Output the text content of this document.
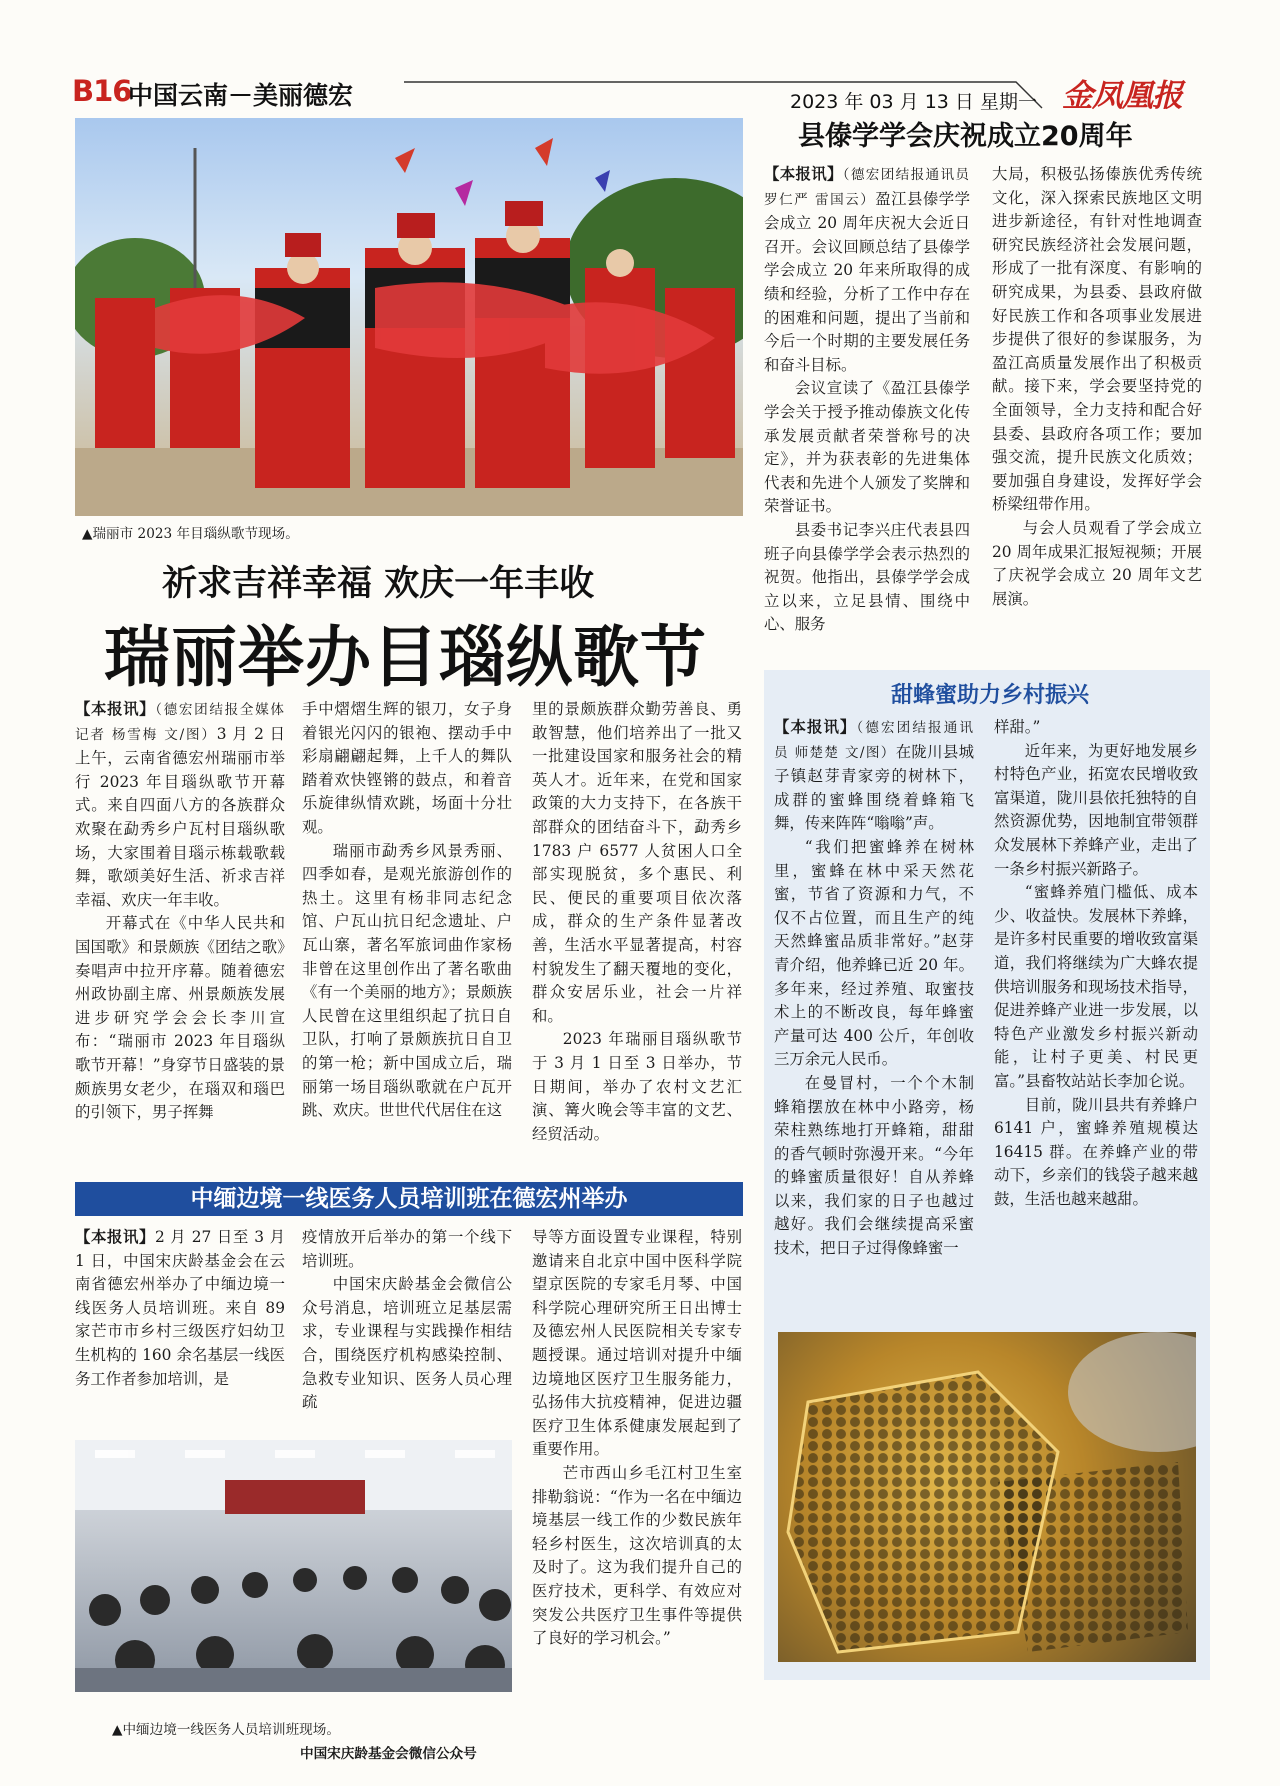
B16
中国云南－美丽德宏	2023 年 03 月 13 日 星期一 金凤凰报
▲瑞丽市 2023 年目瑙纵歌节现场。
祈求吉祥幸福 欢庆一年丰收
瑞丽举办目瑙纵歌节

【本报讯】（德宏团结报全媒体记者 杨雪梅 文/图）3 月 2 日上午，云南省德宏州瑞丽市举行 2023 年目瑙纵歌节开幕式。来自四面八方的各族群众欢聚在勐秀乡户瓦村目瑙纵歌场，大家围着目瑙示栋载歌载舞，歌颂美好生活、祈求吉祥幸福、欢庆一年丰收。

开幕式在《中华人民共和国国歌》和景颇族《团结之歌》奏唱声中拉开序幕。随着德宏州政协副主席、州景颇族发展进步研究学会会长李川宣布：“瑞丽市 2023 年目瑙纵歌节开幕！”身穿节日盛装的景颇族男女老少，在瑙双和瑙巴的引领下，男子挥舞

手中熠熠生辉的银刀，女子身着银光闪闪的银袍、摆动手中彩扇翩翩起舞，上千人的舞队踏着欢快铿锵的鼓点，和着音乐旋律纵情欢跳，场面十分壮观。

瑞丽市勐秀乡风景秀丽、四季如春，是观光旅游创作的热土。这里有杨非同志纪念馆、户瓦山抗日纪念遗址、户瓦山寨，著名军旅词曲作家杨非曾在这里创作出了著名歌曲《有一个美丽的地方》；景颇族人民曾在这里组织起了抗日自卫队，打响了景颇族抗日自卫的第一枪；新中国成立后，瑞丽第一场目瑙纵歌就在户瓦开跳、欢庆。世世代代居住在这

里的景颇族群众勤劳善良、勇敢智慧，他们培养出了一批又一批建设国家和服务社会的精英人才。近年来，在党和国家政策的大力支持下，在各族干部群众的团结奋斗下，勐秀乡 1783 户 6577 人贫困人口全部实现脱贫，多个惠民、利民、便民的重要项目依次落成，群众的生产条件显著改善，生活水平显著提高，村容村貌发生了翻天覆地的变化，群众安居乐业，社会一片祥和。

2023 年瑞丽目瑙纵歌节于 3 月 1 日至 3 日举办，节日期间，举办了农村文艺汇演、篝火晚会等丰富的文艺、经贸活动。

县傣学学会庆祝成立20周年

【本报讯】（德宏团结报通讯员 罗仁严 雷国云）盈江县傣学学会成立 20 周年庆祝大会近日召开。会议回顾总结了县傣学学会成立 20 年来所取得的成绩和经验，分析了工作中存在的困难和问题，提出了当前和今后一个时期的主要发展任务和奋斗目标。

会议宣读了《盈江县傣学学会关于授予推动傣族文化传承发展贡献者荣誉称号的决定》，并为获表彰的先进集体代表和先进个人颁发了奖牌和荣誉证书。

县委书记李兴庄代表县四班子向县傣学学会表示热烈的祝贺。他指出，县傣学学会成立以来，立足县情、围绕中心、服务

大局，积极弘扬傣族优秀传统文化，深入探索民族地区文明进步新途径，有针对性地调查研究民族经济社会发展问题，形成了一批有深度、有影响的研究成果，为县委、县政府做好民族工作和各项事业发展进步提供了很好的参谋服务，为盈江高质量发展作出了积极贡献。接下来，学会要坚持党的全面领导，全力支持和配合好县委、县政府各项工作；要加强交流，提升民族文化质效；要加强自身建设，发挥好学会桥梁纽带作用。

与会人员观看了学会成立 20 周年成果汇报短视频；开展了庆祝学会成立 20 周年文艺展演。

甜蜂蜜助力乡村振兴

【本报讯】（德宏团结报通讯员 师楚楚 文/图）在陇川县城子镇赵芽青家旁的树林下，成群的蜜蜂围绕着蜂箱飞舞，传来阵阵“嗡嗡”声。

“我们把蜜蜂养在树林里，蜜蜂在林中采天然花蜜，节省了资源和力气，不仅不占位置，而且生产的纯天然蜂蜜品质非常好。”赵芽青介绍，他养蜂已近 20 年。多年来，经过养殖、取蜜技术上的不断改良，每年蜂蜜产量可达 400 公斤，年创收三万余元人民币。

在曼冒村，一个个木制蜂箱摆放在林中小路旁，杨荣柱熟练地打开蜂箱，甜甜的香气顿时弥漫开来。“今年的蜂蜜质量很好！自从养蜂以来，我们家的日子也越过越好。我们会继续提高采蜜技术，把日子过得像蜂蜜一

样甜。”

近年来，为更好地发展乡村特色产业，拓宽农民增收致富渠道，陇川县依托独特的自然资源优势，因地制宜带领群众发展林下养蜂产业，走出了一条乡村振兴新路子。

“蜜蜂养殖门槛低、成本少、收益快。发展林下养蜂，是许多村民重要的增收致富渠道，我们将继续为广大蜂农提供培训服务和现场技术指导，促进养蜂产业进一步发展，以特色产业激发乡村振兴新动能，让村子更美、村民更富。”县畜牧站站长李加仑说。

目前，陇川县共有养蜂户 6141 户，蜜蜂养殖规模达 16415 群。在养蜂产业的带动下，乡亲们的钱袋子越来越鼓，生活也越来越甜。

中缅边境一线医务人员培训班在德宏州举办

【本报讯】2 月 27 日至 3 月 1 日，中国宋庆龄基金会在云南省德宏州举办了中缅边境一线医务人员培训班。来自 89 家芒市市乡村三级医疗妇幼卫生机构的 160 余名基层一线医务工作者参加培训，是

疫情放开后举办的第一个线下培训班。

中国宋庆龄基金会微信公众号消息，培训班立足基层需求，专业课程与实践操作相结合，围绕医疗机构感染控制、急救专业知识、医务人员心理疏

导等方面设置专业课程，特别邀请来自北京中国中医科学院望京医院的专家毛月琴、中国科学院心理研究所王日出博士及德宏州人民医院相关专家专题授课。通过培训对提升中缅边境地区医疗卫生服务能力，弘扬伟大抗疫精神，促进边疆医疗卫生体系健康发展起到了重要作用。

芒市西山乡毛江村卫生室排勒翁说：“作为一名在中缅边境基层一线工作的少数民族年轻乡村医生，这次培训真的太及时了。这为我们提升自己的医疗技术，更科学、有效应对突发公共医疗卫生事件等提供了良好的学习机会。”

▲中缅边境一线医务人员培训班现场。
中国宋庆龄基金会微信公众号
